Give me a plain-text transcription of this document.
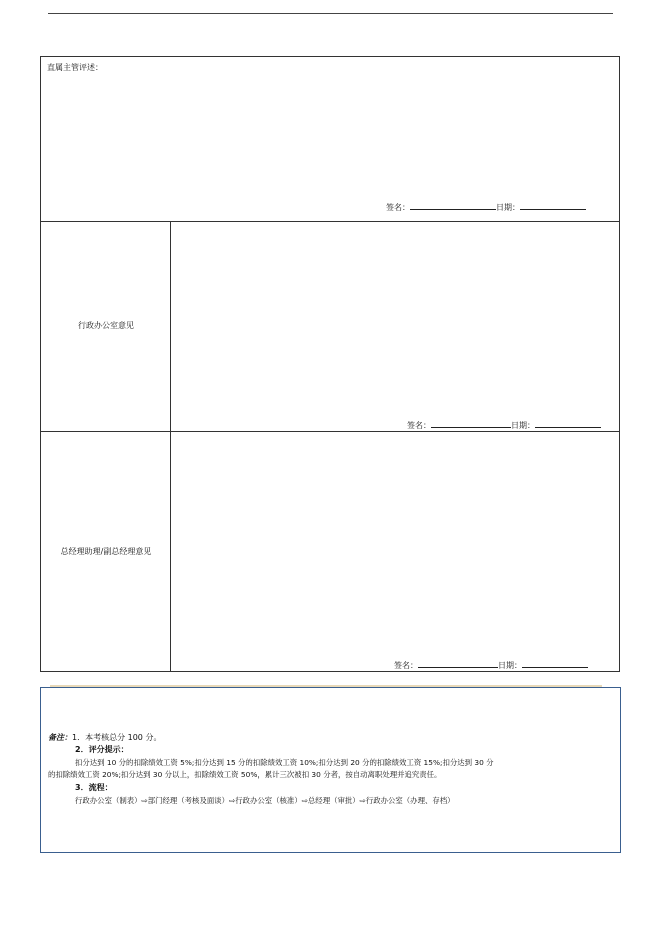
直属主管评述：
签名：	日期：
行政办公室意见
签名：	日期：
总经理助理/副总经理意见
签名：	日期：
备注：1．本考核总分 100 分。
2．评分提示：
扣分达到 10 分的扣除绩效工资 5%;扣分达到 15 分的扣除绩效工资 10%;扣分达到 20 分的扣除绩效工资 15%;扣分达到 30 分
的扣除绩效工资 20%;扣分达到 30 分以上，扣除绩效工资 50%，累计三次被扣 30 分者，按自动离职处理并追究责任。
3．流程：
行政办公室（制表）⇨部门经理（考核及面谈）⇨行政办公室（核准）⇨总经理（审批）⇨行政办公室（办理、存档）
